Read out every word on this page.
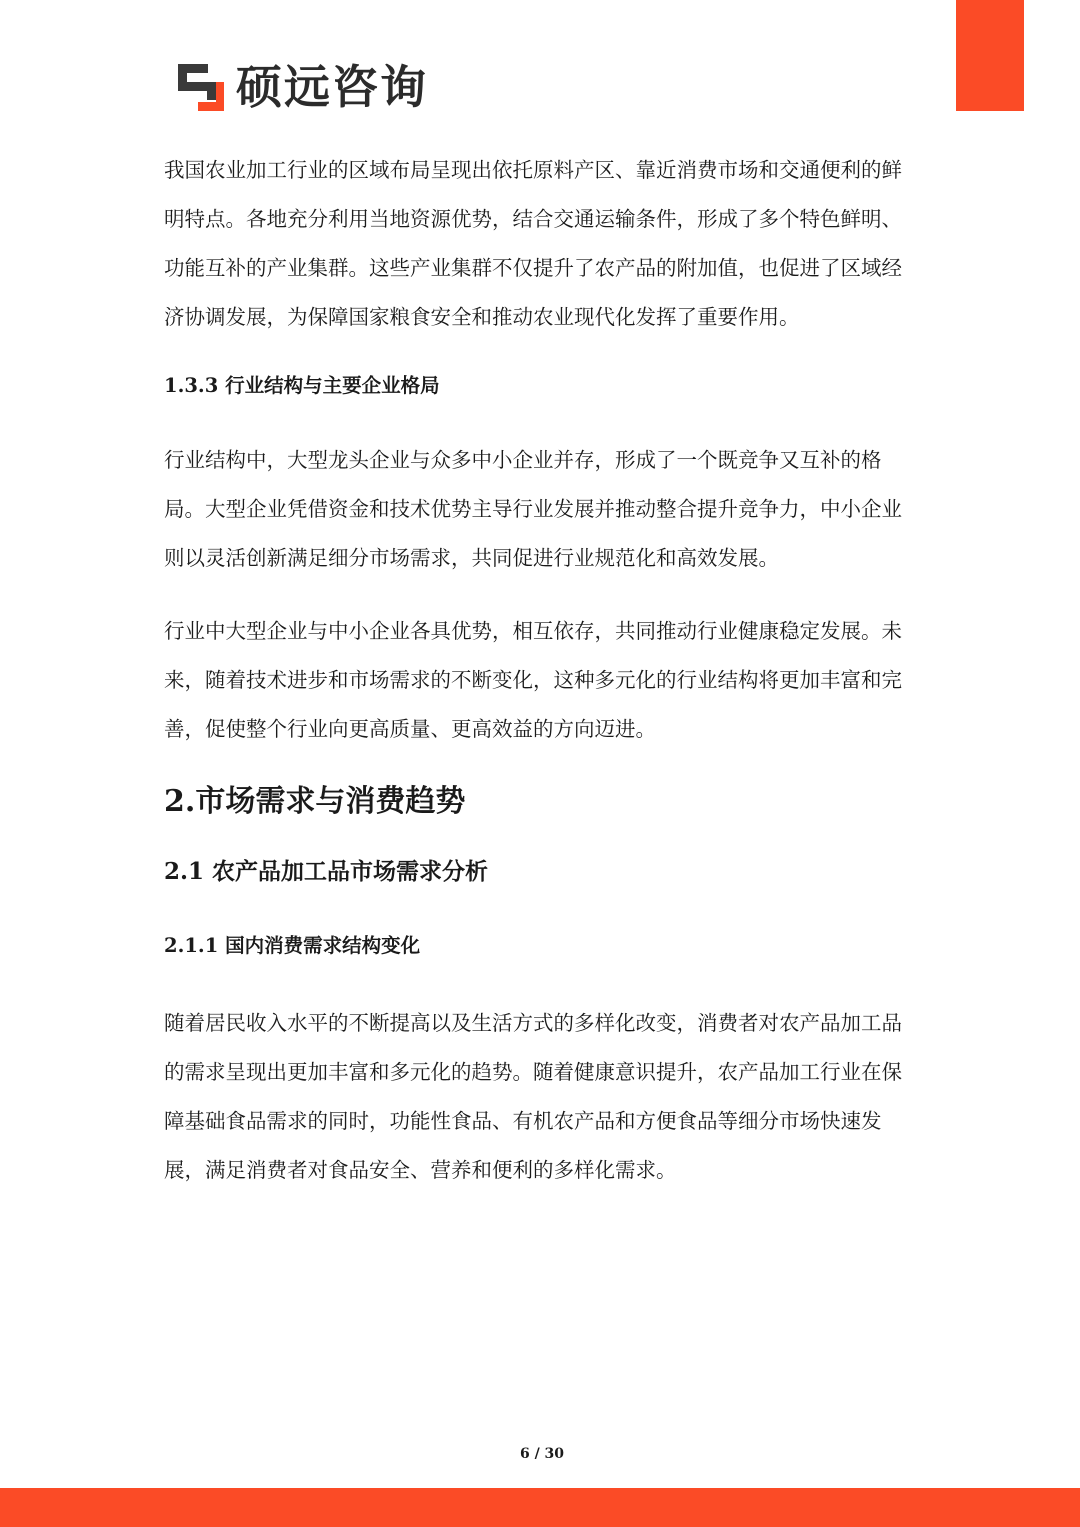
硕远咨询

我国农业加工行业的区域布局呈现出依托原料产区、靠近消费市场和交通便利的鲜明特点。各地充分利用当地资源优势，结合交通运输条件，形成了多个特色鲜明、功能互补的产业集群。这些产业集群不仅提升了农产品的附加值，也促进了区域经济协调发展，为保障国家粮食安全和推动农业现代化发挥了重要作用。

1.3.3 行业结构与主要企业格局

行业结构中，大型龙头企业与众多中小企业并存，形成了一个既竞争又互补的格局。大型企业凭借资金和技术优势主导行业发展并推动整合提升竞争力，中小企业则以灵活创新满足细分市场需求，共同促进行业规范化和高效发展。

行业中大型企业与中小企业各具优势，相互依存，共同推动行业健康稳定发展。未来，随着技术进步和市场需求的不断变化，这种多元化的行业结构将更加丰富和完善，促使整个行业向更高质量、更高效益的方向迈进。

2.市场需求与消费趋势
2.1 农产品加工品市场需求分析
2.1.1 国内消费需求结构变化

随着居民收入水平的不断提高以及生活方式的多样化改变，消费者对农产品加工品的需求呈现出更加丰富和多元化的趋势。随着健康意识提升，农产品加工行业在保障基础食品需求的同时，功能性食品、有机农产品和方便食品等细分市场快速发展，满足消费者对食品安全、营养和便利的多样化需求。

6 / 30
